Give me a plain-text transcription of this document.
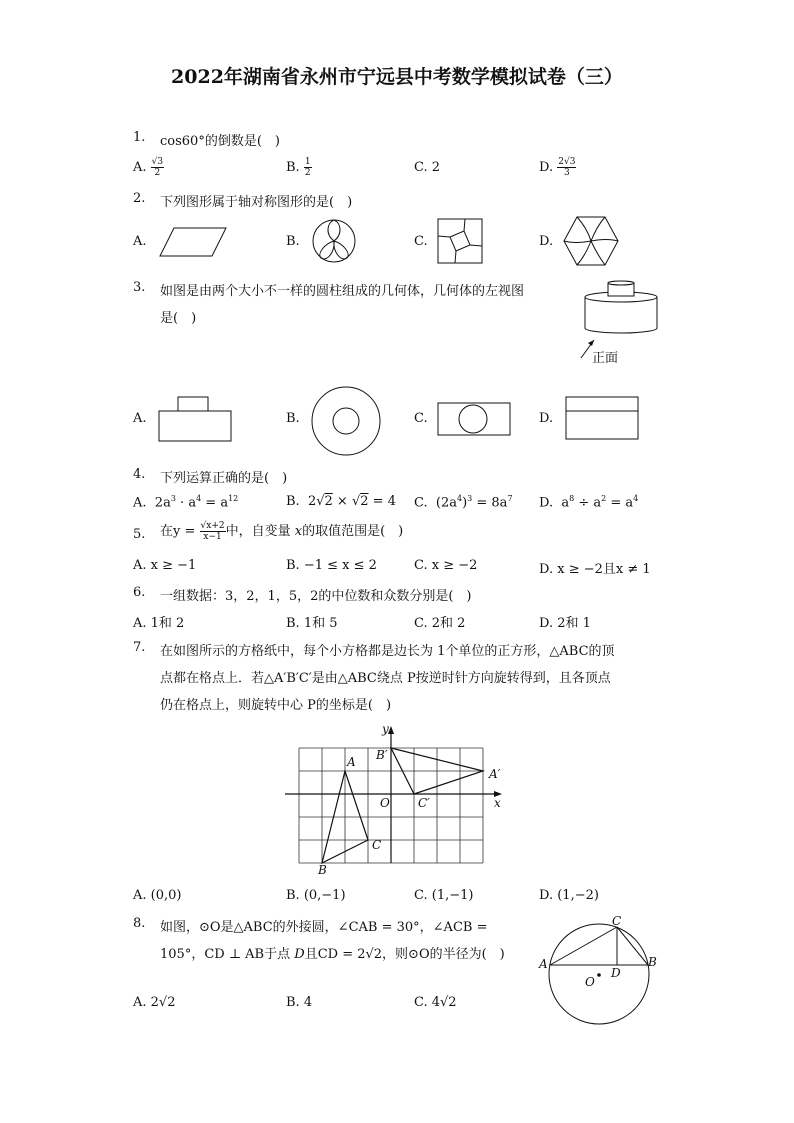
2022年湖南省永州市宁远县中考数学模拟试卷（三）
1. cos60°的倒数是(　)
A. $\frac{√3}{2}$	B. $\frac{1}{2}$	C. 2	D. $\frac{2√3}{3}$
2. 下列图形属于轴对称图形的是(　)
A.	B.	C.	D.
3. 如图是由两个大小不一样的圆柱组成的几何体，几何体的左视图
是(　)
正面
A.	B.	C.	D.
4. 下列运算正确的是(　)
A.  $2a^3 \cdot a^4 = a^{12}$	B.  2√2 × √2 = 4 C.  $(2a^4)^3 = 8a^7$ D.  $a^8 \div a^2 = a^4$
5. 在$y = \frac{√x+2}{x-1}$ 中，自变量 x的取值范围是(　)
A. x ≥ −1	B. −1 ≤ x ≤ 2	C. x ≥ −2	D. x ≥ −2且x ≠ 1
6. 一组数据：3，2，1，5，2的中位数和众数分别是(　)
A. 1和 2	B. 1和 5	C. 2和 2	D. 2和 1
7. 在如图所示的方格纸中，每个小方格都是边长为 1个单位的正方形，△ABC的顶
点都在格点上．若△A′B′C′是由△ABC绕点 P按逆时针方向旋转得到，且各顶点
仍在格点上，则旋转中心 P的坐标是(　)
A
B
C
A′
B′
C′
O	x
y
A. (0,0)	B. (0,−1)	C. (1,−1)	D. (1,−2)
8. 如图，⊙O是△ABC的外接圆，∠CAB = 30°，∠ACB =
105°，CD ⊥ AB于点 D且CD = 2√2，则⊙O的半径为(　)
C
A	B
D
O
A. 2√2	B. 4	C. 4√2
